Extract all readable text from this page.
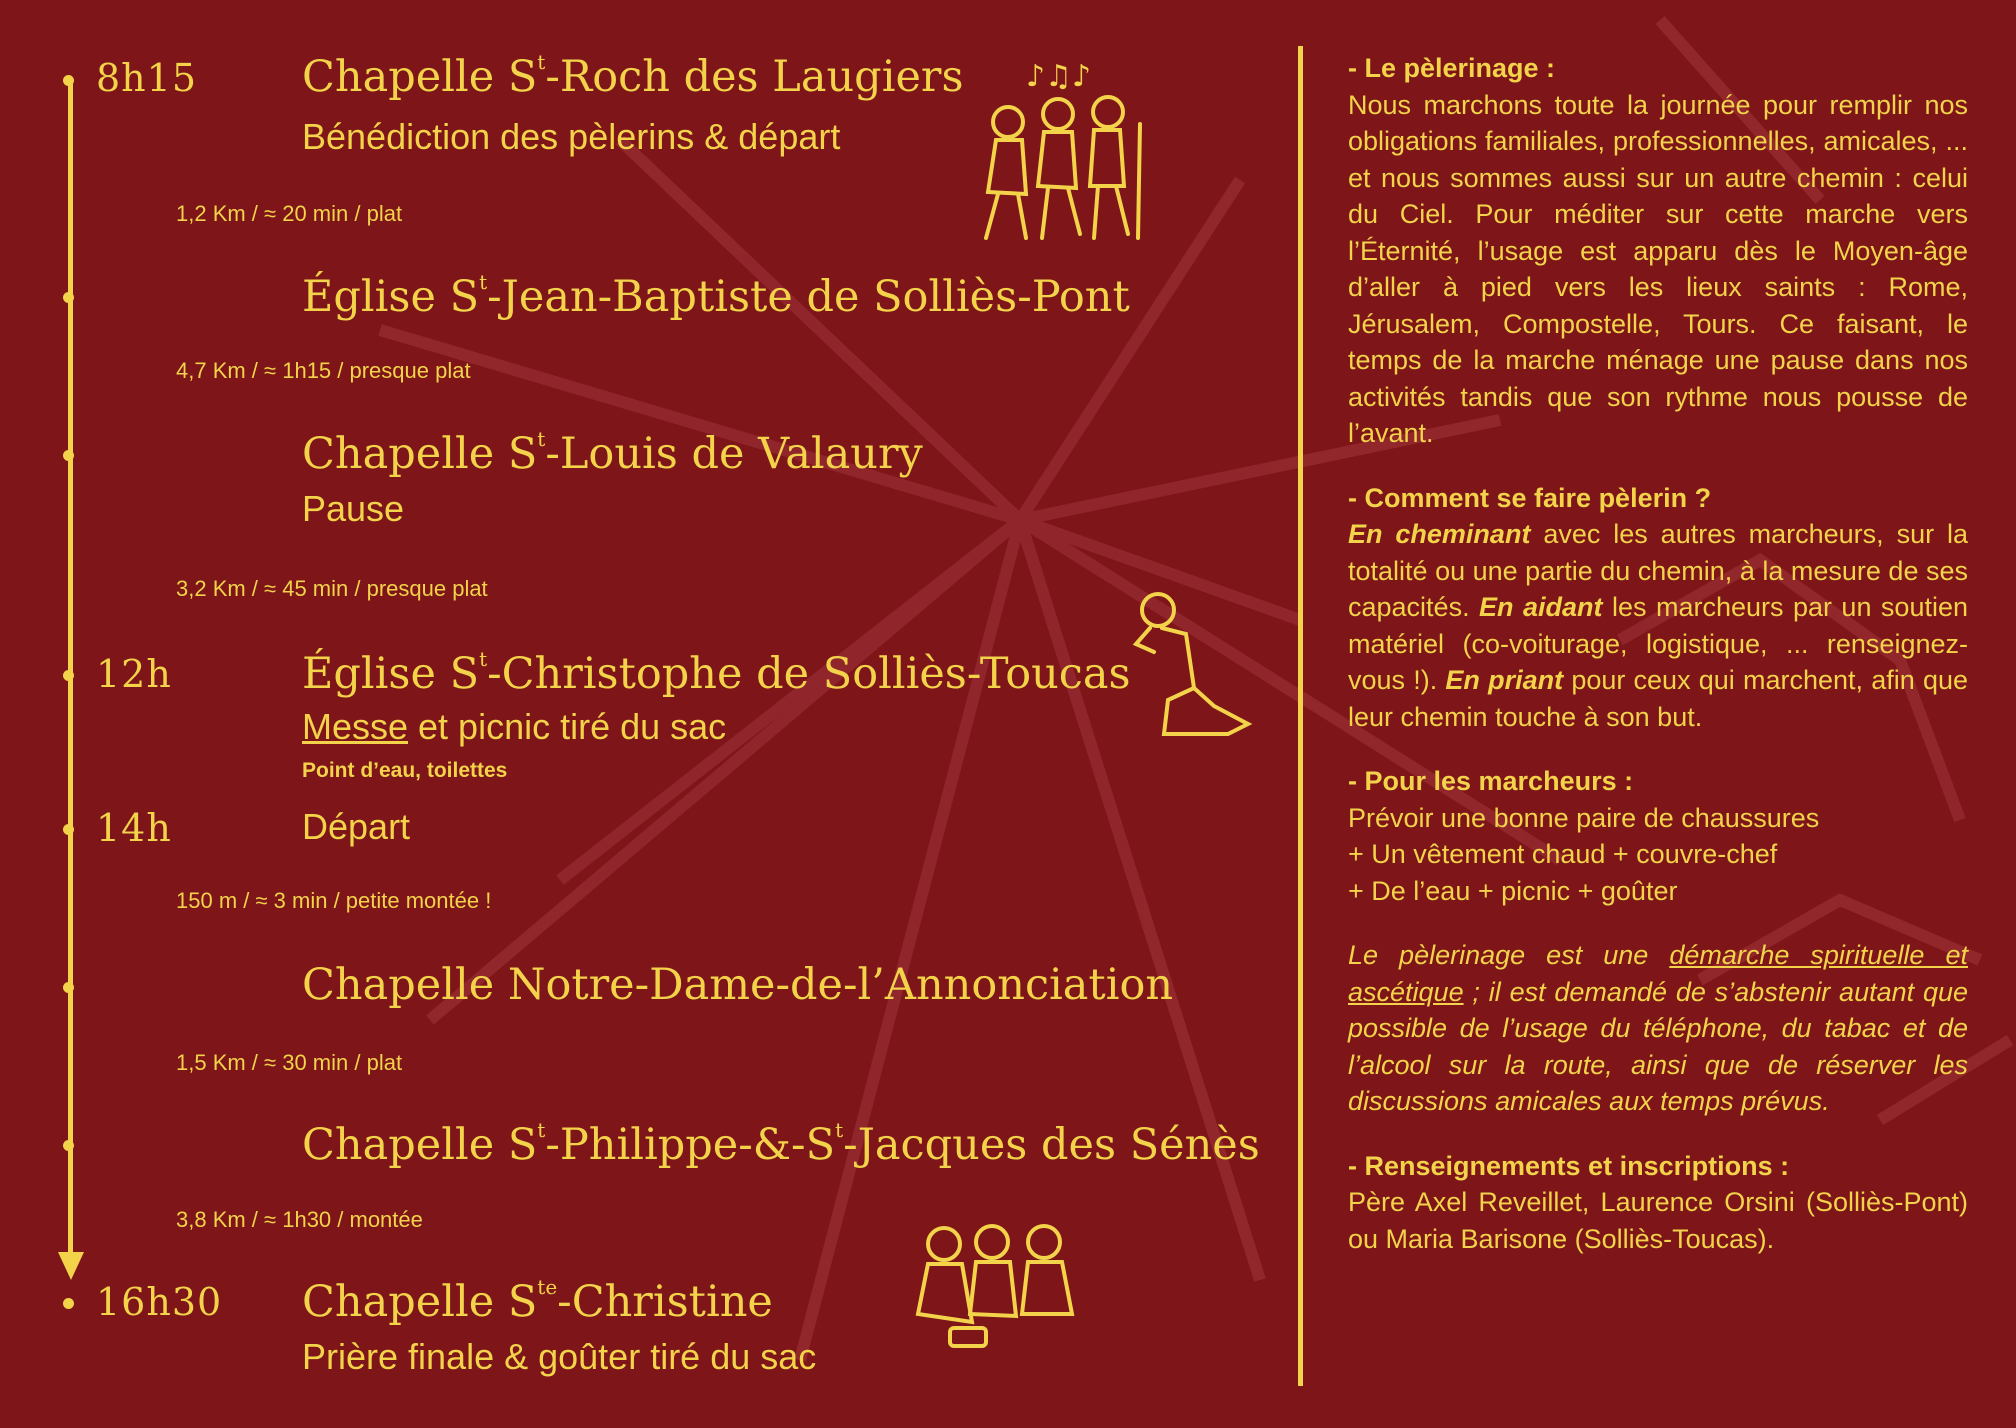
8h15 Chapelle $S^t$-Roch des Laugiers
Bénédiction des pèlerins & départ
1,2 Km / ≈ 20 min / plat
Église $S^t-Jean$-Baptiste de Solliès-Pont
4,7 Km / ≈ 1h15 / presque plat
Chapelle $S^t$-Louis de Valaury
Pause
3,2 Km / ≈ 45 min / presque plat
12h	Église $S^t$-Christophe de Solliès-Toucas
Messe et picnic tiré du sac
Point d’eau, toilettes
14h	Départ
150 m / ≈ 3 min / petite montée !
Chapelle Notre-Dame-de-l’Annonciation
1,5 Km / ≈ 30 min / plat
Chapelle $S^t-Philippe-\&-S^t$-Jacques des Sénès
3,8 Km / ≈ 1h30 / montée
16h30 Chapelle $S^{te}$-Christine
Prière finale & goûter tiré du sac
♪♫♪	- Le pèlerinage :
Nous marchons toute la journée pour remplir nos obligations familiales, professionnelles, amicales, ... et nous sommes aussi sur un autre chemin : celui du Ciel. Pour méditer sur cette marche vers l’Éternité, l’usage est apparu dès le Moyen-âge d’aller à pied vers les lieux saints : Rome, Jérusalem, Compostelle, Tours. Ce faisant, le temps de la marche ménage une pause dans nos activités tandis que son rythme nous pousse de l’avant.

- Comment se faire pèlerin ?
En cheminant avec les autres marcheurs, sur la totalité ou une partie du chemin, à la mesure de ses capacités. En aidant les marcheurs par un soutien matériel (co-voiturage, logistique, ... renseignez-vous !). En priant pour ceux qui marchent, afin que leur chemin touche à son but.

- Pour les marcheurs :
Prévoir une bonne paire de chaussures
+ Un vêtement chaud + couvre-chef
+ De l’eau + picnic + goûter

Le pèlerinage est une démarche spirituelle et ascétique ; il est demandé de s’abstenir autant que possible de l’usage du téléphone, du tabac et de l’alcool sur la route, ainsi que de réserver les discussions amicales aux temps prévus.

- Renseignements et inscriptions :
Père Axel Reveillet, Laurence Orsini (Solliès-Pont) ou Maria Barisone (Solliès-Toucas).
